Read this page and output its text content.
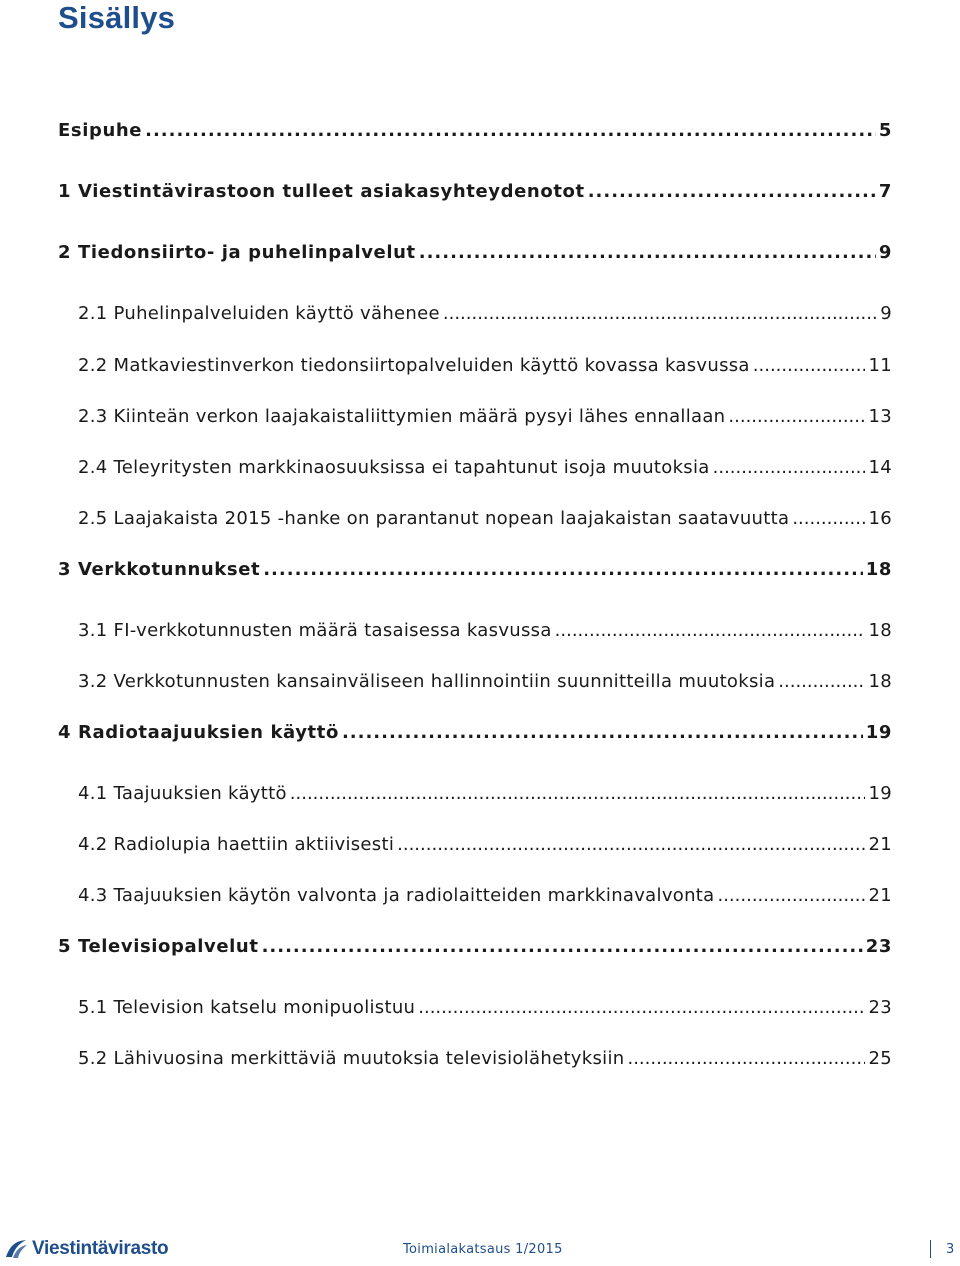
Sisällys
Esipuhe .....	5
1 Viestintävirastoon tulleet asiakasyhteydenotot .....	7
2 Tiedonsiirto- ja puhelinpalvelut .....	9
2.1 Puhelinpalveluiden käyttö vähenee .....	9
2.2 Matkaviestinverkon tiedonsiirtopalveluiden käyttö kovassa kasvussa .....	11
2.3 Kiinteän verkon laajakaistaliittymien määrä pysyi lähes ennallaan .....	13
2.4 Teleyritysten markkinaosuuksissa ei tapahtunut isoja muutoksia .....	14
2.5 Laajakaista 2015 -hanke on parantanut nopean laajakaistan saatavuutta .....	16
3 Verkkotunnukset .....	18
3.1 FI-verkkotunnusten määrä tasaisessa kasvussa .....	18
3.2 Verkkotunnusten kansainväliseen hallinnointiin suunnitteilla muutoksia .....	18
4 Radiotaajuuksien käyttö .....	19
4.1 Taajuuksien käyttö .....	19
4.2 Radiolupia haettiin aktiivisesti .....	21
4.3 Taajuuksien käytön valvonta ja radiolaitteiden markkinavalvonta .....	21
5 Televisiopalvelut .....	23
5.1 Television katselu monipuolistuu .....	23
5.2 Lähivuosina merkittäviä muutoksia televisiolähetyksiin .....	25
Viestintävirasto	Toimialakatsaus 1/2015	3
